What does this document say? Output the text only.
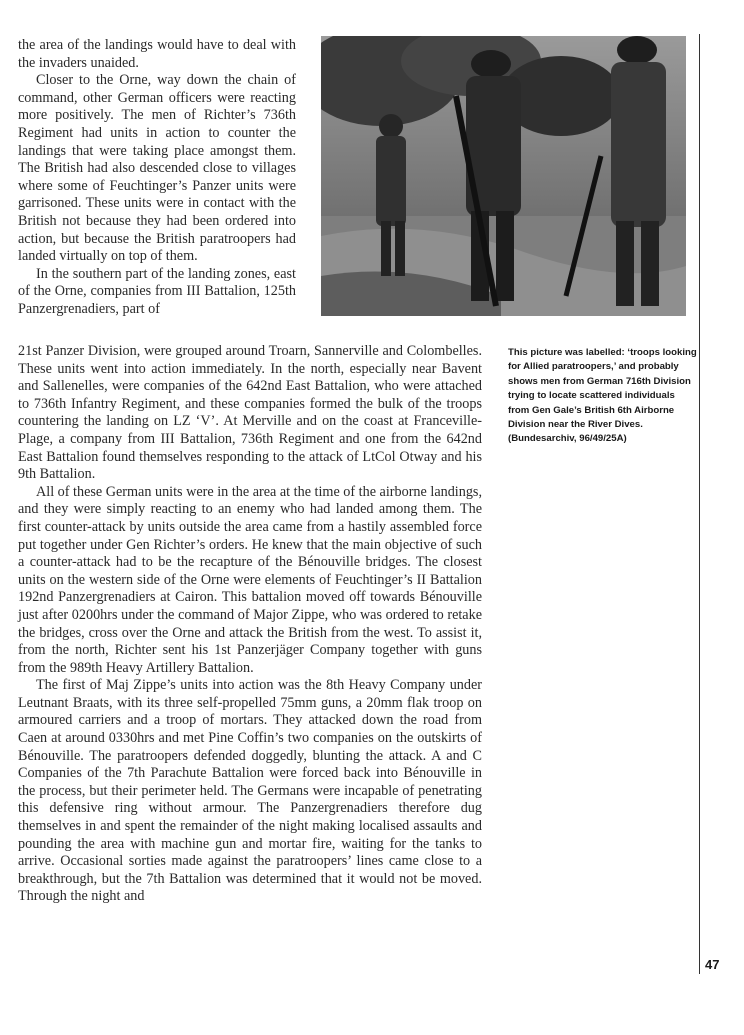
the area of the landings would have to deal with the invaders unaided.

Closer to the Orne, way down the chain of command, other German officers were reacting more positively. The men of Richter’s 736th Regiment had units in action to counter the landings that were taking place amongst them. The British had also descended close to villages where some of Feuchtinger’s Panzer units were garrisoned. These units were in contact with the British not because they had been ordered into action, but because the British paratroopers had landed virtually on top of them.

In the southern part of the landing zones, east of the Orne, companies from III Battalion, 125th Panzergrenadiers, part of

This picture was labelled: ‘troops looking for Allied paratroopers,’ and probably shows men from German 716th Division trying to locate scattered individuals from Gen Gale’s British 6th Airborne Division near the River Dives. (Bundesarchiv, 96/49/25A)

21st Panzer Division, were grouped around Troarn, Sannerville and Colombelles. These units went into action immediately. In the north, especially near Bavent and Sallenelles, were companies of the 642nd East Battalion, who were attached to 736th Infantry Regiment, and these companies formed the bulk of the troops countering the landing on LZ ‘V’. At Merville and on the coast at Franceville-Plage, a company from III Battalion, 736th Regiment and one from the 642nd East Battalion found themselves responding to the attack of LtCol Otway and his 9th Battalion.

All of these German units were in the area at the time of the airborne landings, and they were simply reacting to an enemy who had landed among them. The first counter-attack by units outside the area came from a hastily assembled force put together under Gen Richter’s orders. He knew that the main objective of such a counter-attack had to be the recapture of the Bénouville bridges. The closest units on the western side of the Orne were elements of Feuchtinger’s II Battalion 192nd Panzergrenadiers at Cairon. This battalion moved off towards Bénouville just after 0200hrs under the command of Major Zippe, who was ordered to retake the bridges, cross over the Orne and attack the British from the west. To assist it, from the north, Richter sent his 1st Panzerjäger Company together with guns from the 989th Heavy Artillery Battalion.

The first of Maj Zippe’s units into action was the 8th Heavy Company under Leutnant Braats, with its three self-propelled 75mm guns, a 20mm flak troop on armoured carriers and a troop of mortars. They attacked down the road from Caen at around 0330hrs and met Pine Coffin’s two companies on the outskirts of Bénouville. The paratroopers defended doggedly, blunting the attack. A and C Companies of the 7th Parachute Battalion were forced back into Bénouville in the process, but their perimeter held. The Germans were incapable of penetrating this defensive ring without armour. The Panzergrenadiers therefore dug themselves in and spent the remainder of the night making localised assaults and pounding the area with machine gun and mortar fire, waiting for the tanks to arrive. Occasional sorties made against the paratroopers’ lines came close to a breakthrough, but the 7th Battalion was determined that it would not be moved. Through the night and

47
